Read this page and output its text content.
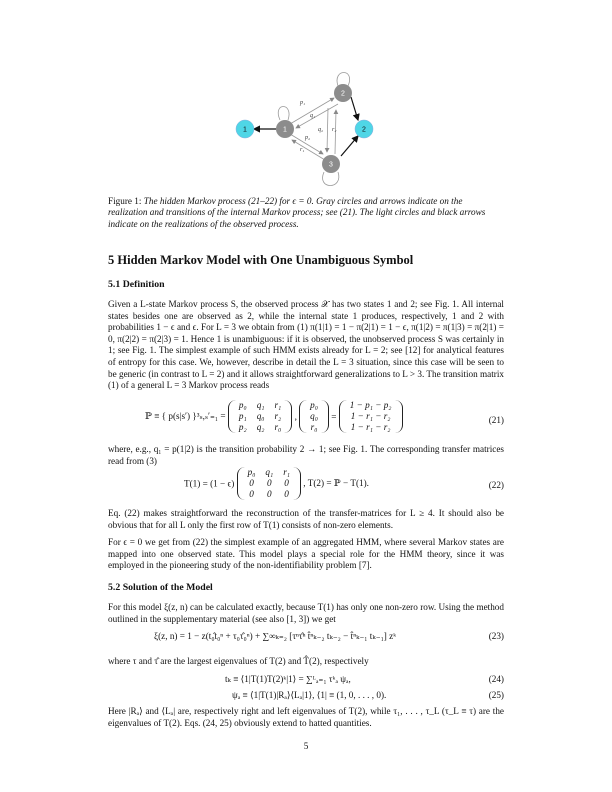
p₁
q₁
q₂ r₂
p₂
r₁
1	1
2
2
3
Figure 1: The hidden Markov process (21–22) for ϵ = 0. Gray circles and arrows indicate on the realization and transitions of the internal Markov process; see (21). The light circles and black arrows indicate on the realizations of the observed process.
5 Hidden Markov Model with One Unambiguous Symbol
5.1 Definition
Given a L-state Markov process S, the observed process 𝒳 has two states 1 and 2; see Fig. 1. All internal states besides one are observed as 2, while the internal state 1 produces, respectively, 1 and 2 with probabilities 1 − ϵ and ϵ. For L = 3 we obtain from (1) π(1|1) = 1 − π(2|1) = 1 − ϵ, π(1|2) = π(1|3) = π(2|1) = 0, π(2|2) = π(2|3) = 1. Hence 1 is unambiguous: if it is observed, the unobserved process S was certainly in 1; see Fig. 1. The simplest example of such HMM exists already for L = 2; see [12] for analytical features of entropy for this case. We, however, describe in detail the L = 3 situation, since this case will be seen to be generic (in contrast to L = 2) and it allows straightforward generalizations to L > 3. The transition matrix (1) of a general L = 3 Markov process reads
ℙ ≡ { p(s|s′) }³ₛ,ₛ′₌₁ =
p₀	q₁	r₁
p₁	q₀	r₂
p₂	q₂	r₀
,
p₀
q₀
r₀
=
1 − p₁ − p₂
1 − r₁ − r₂
1 − r₁ − r₂
(21)
where, e.g., q₁ = p(1|2) is the transition probability 2 → 1; see Fig. 1. The corresponding transfer matrices read from (3)
T(1) = (1 − ϵ)
p₀	q₁	r₁
0	0	0
0	0	0
, T(2) = ℙ − T(1).	(22)
Eq. (22) makes straightforward the reconstruction of the transfer-matrices for L ≥ 4. It should also be obvious that for all L only the first row of T(1) consists of non-zero elements.
For ϵ = 0 we get from (22) the simplest example of an aggregated HMM, where several Markov states are mapped into one observed state. This model plays a special role for the HMM theory, since it was employed in the pioneering study of the non-identifiability problem [7].
5.2 Solution of the Model
For this model ξ(z, n) can be calculated exactly, because T(1) has only one non-zero row. Using the method outlined in the supplementary material (see also [1, 3]) we get
ξ(z, n) = 1 − z(t₀̂t₀ⁿ + τ₀τ̂₀ⁿ) + ∑∞ₖ₌₂ [τⁿτ̂ⁿ t̂ⁿₖ₋₂ tₖ₋₂ − t̂ⁿₖ₋₁ tₖ₋₁] zᵏ	(23)
where τ and τ̂ are the largest eigenvalues of T(2) and T̂(2), respectively
tₖ ≡ ⟨1|T(1)T(2)ᵏ|1⟩ = ∑ᴸₐ₌₁ τᵏₐ ψₐ,	(24)
ψₐ ≡ ⟨1|T(1)|Rₐ⟩⟨Lₐ|1⟩, ⟨1| ≡ (1, 0, . . . , 0).	(25)
Here |Rₐ⟩ and ⟨Lₐ| are, respectively right and left eigenvalues of T(2), while τ₁, . . . , τ_L (τ_L ≡ τ) are the eigenvalues of T(2). Eqs. (24, 25) obviously extend to hatted quantities.
5
